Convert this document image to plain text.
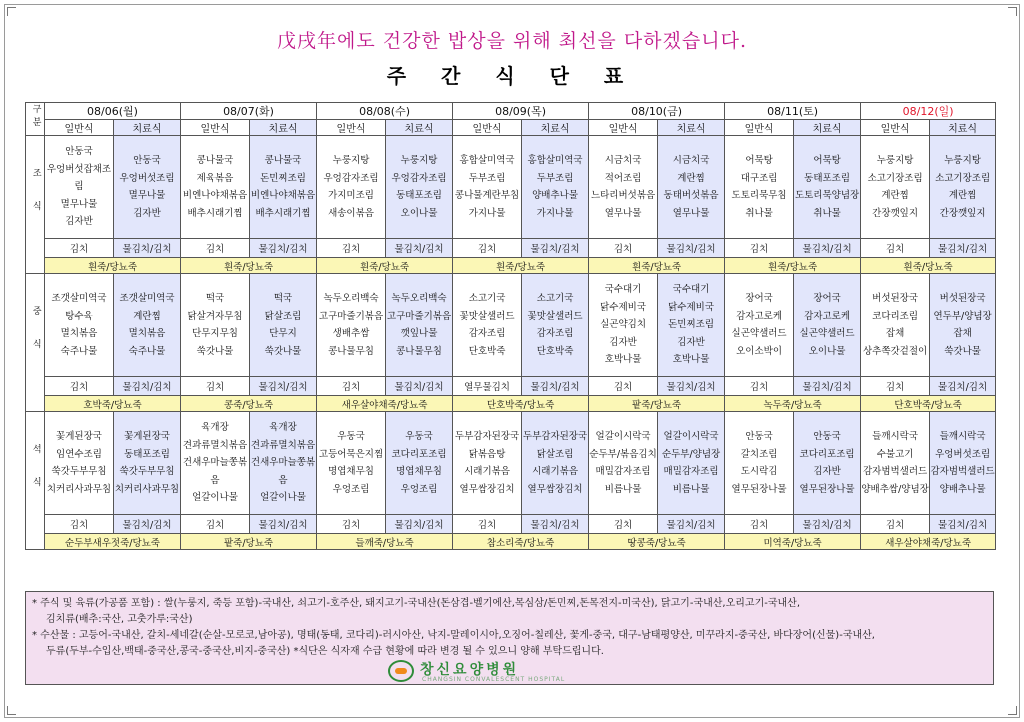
戊戌年에도 건강한 밥상을 위해 최선을 다하겠습니다.
주 간 식 단 표
구분	08/06(월)		08/07(화)		08/08(수)		08/09(목)		08/10(금)		08/11(토)		08/12(일)	
	일반식	치료식	일반식	치료식	일반식	치료식	일반식	치료식	일반식	치료식	일반식	치료식	일반식	치료식
조식	안동국
우엉버섯잡채조림
멸무나물
김자반	안동국
우엉버섯조림
멸무나물
김자반	콩나물국
제육볶음
비엔나야채볶음
배추시래기찜	콩나물국
돈민찌조림
비엔나야채볶음
배추시래기찜	누룽지탕
우엉감자조림
가지미조림
새송이볶음	누룽지탕
우엉감자조림
동태포조림
오이나물	홍합살미역국
두부조림
콩나물계란부침
가지나물	홍합살미역국
두부조림
양배추나물
가지나물	시금치국
적어조림
느타리버섯볶음
열무나물	시금치국
계란찜
동태버섯볶음
열무나물	어묵탕
대구조림
도토리묵무침
취나물	어묵탕
동태포조림
도토리묵양념장
취나물	누룽지탕
소고기장조림
계란찜
간장깻잎지	누룽지탕
소고기장조림
계란찜
간장깻잎지
	김치	물김치/김치	김치	물김치/김치	김치	물김치/김치	김치	물김치/김치	김치	물김치/김치	김치	물김치/김치	김치	물김치/김치
	흰죽/당뇨죽		흰죽/당뇨죽		흰죽/당뇨죽		흰죽/당뇨죽		흰죽/당뇨죽		흰죽/당뇨죽		흰죽/당뇨죽	
중식	조갯살미역국
탕수육
멸치볶음
숙주나물	조갯살미역국
계란찜
멸치볶음
숙주나물	떡국
닭살겨자무침
단무지무침
쑥갓나물	떡국
닭살조림
단무지
쑥갓나물	녹두오리백숙
고구마줄기볶음
생배추쌈
콩나물무침	녹두오리백숙
고구마줄기볶음
깻잎나물
콩나물무침	소고기국
꽃맛살샐러드
감자조림
단호박죽	소고기국
꽃맛살샐러드
감자조림
단호박죽	국수대기
닭수제비국
실곤약김치
김자반
호박나물	국수대기
닭수제비국
돈민찌조림
김자반
호박나물	장어국
감자고로케
실곤약샐러드
오이소박이	장어국
감자고로케
실곤약샐러드
오이나물	버섯된장국
코다리조림
잡채
상추쪽갓겉절이	버섯된장국
연두부/양념장
잡채
쑥갓나물
	김치	물김치/김치	김치	물김치/김치	김치	물김치/김치	열무물김치	물김치/김치	김치	물김치/김치	김치	물김치/김치	김치	물김치/김치
	호박죽/당뇨죽		콩죽/당뇨죽		새우살야채죽/당뇨죽		단호박죽/당뇨죽		팥죽/당뇨죽		녹두죽/당뇨죽		단호박죽/당뇨죽	
석식	꽃게된장국
임연수조림
쑥갓두부무침
치커리사과무침	꽃게된장국
동태포조림
쑥갓두부무침
치커리사과무침	육개장
견과류멸치볶음
건새우마늘쫑볶음
얼갈이나물	육개장
견과류멸치볶음
건새우마늘쫑볶음
얼갈이나물	우동국
고등어묵은지찜
명엽채무침
우엉조림	우동국
코다리포조림
명엽채무침
우엉조림	두부감자된장국
닭볶음탕
시래기볶음
열무쌈장김치	두부감자된장국
닭살조림
시래기볶음
열무쌈장김치	얼갈이시락국
순두부/볶음김치
매밀감자조림
비름나물	얼갈이시락국
순두부/양념장
매밀감자조림
비름나물	안동국
갈치조림
도시락김
열무된장나물	안동국
코다리포조림
김자반
열무된장나물	들깨시락국
수불고기
감자범벅샐러드
양배추쌈/양념장	들깨시락국
우엉버섯조림
감자범벅샐러드
양배추나물
	김치	물김치/김치	김치	물김치/김치	김치	물김치/김치	김치	물김치/김치	김치	물김치/김치	김치	물김치/김치	김치	물김치/김치
	순두부새우젓죽/당뇨죽		팥죽/당뇨죽		들깨죽/당뇨죽		참소리죽/당뇨죽		땅콩죽/당뇨죽		미역죽/당뇨죽		새우살야채죽/당뇨죽	
* 주식 및 육류(가공품 포함) : 쌀(누룽지, 죽등 포함)-국내산, 쇠고기-호주산, 돼지고기-국내산(돈삼겹-벨기에산,목심삼/돈민찌,돈목전지-미국산), 닭고기-국내산,오리고기-국내산,
김치류(배추:국산, 고춧가루:국산)
* 수산물 : 고등어-국내산, 갈치-세네갈(순살-모로코,남아공), 명태(동태, 코다리)-러시아산, 낙지-말레이시아,오징어-칠레산, 꽃게-중국, 대구-남태평양산, 미꾸라지-중국산, 바다장어(신물)-국내산,
두류(두부-수입산,백태-중국산,콩국-중국산,비지-중국산) *식단은 식자재 수급 현황에 따라 변경 될 수 있으니 양해 부탁드립니다.
창신요양병원
CHANGSIN CONVALESCENT HOSPITAL
